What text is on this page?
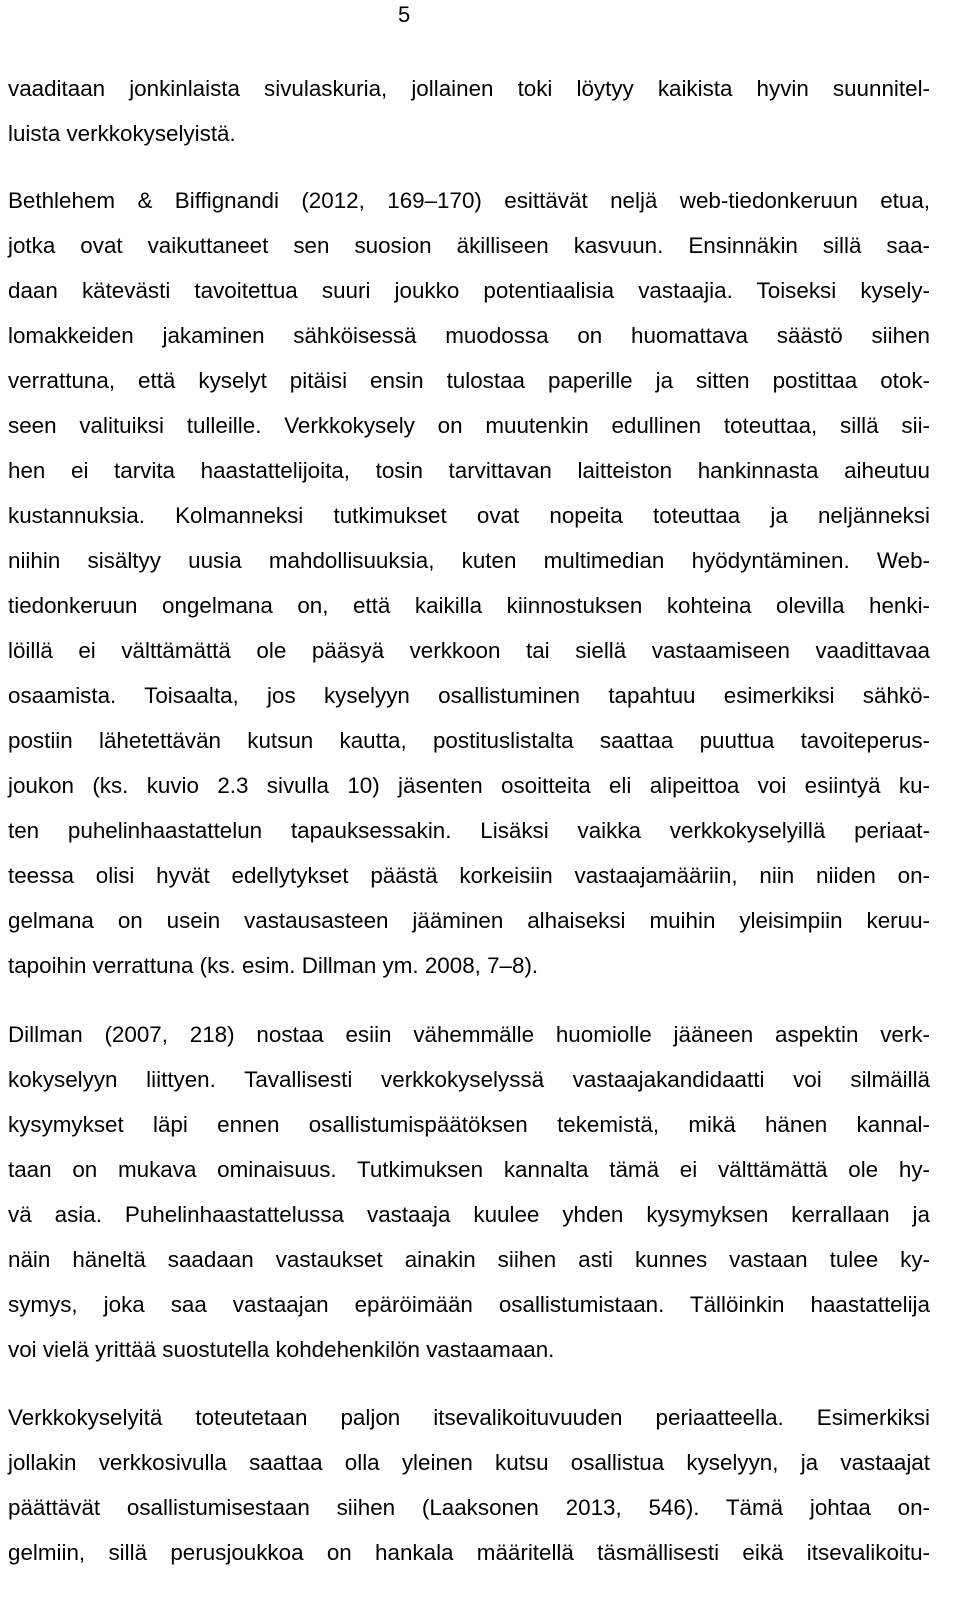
5
vaaditaan jonkinlaista sivulaskuria, jollainen toki löytyy kaikista hyvin suunnitel-
luista verkkokyselyistä.
Bethlehem & Biffignandi (2012, 169–170) esittävät neljä web-tiedonkeruun etua,
jotka ovat vaikuttaneet sen suosion äkilliseen kasvuun. Ensinnäkin sillä saa-
daan kätevästi tavoitettua suuri joukko potentiaalisia vastaajia. Toiseksi kysely-
lomakkeiden jakaminen sähköisessä muodossa on huomattava säästö siihen
verrattuna, että kyselyt pitäisi ensin tulostaa paperille ja sitten postittaa otok-
seen valituiksi tulleille. Verkkokysely on muutenkin edullinen toteuttaa, sillä sii-
hen ei tarvita haastattelijoita, tosin tarvittavan laitteiston hankinnasta aiheutuu
kustannuksia. Kolmanneksi tutkimukset ovat nopeita toteuttaa ja neljänneksi
niihin sisältyy uusia mahdollisuuksia, kuten multimedian hyödyntäminen. Web-
tiedonkeruun ongelmana on, että kaikilla kiinnostuksen kohteina olevilla henki-
löillä ei välttämättä ole pääsyä verkkoon tai siellä vastaamiseen vaadittavaa
osaamista. Toisaalta, jos kyselyyn osallistuminen tapahtuu esimerkiksi sähkö-
postiin lähetettävän kutsun kautta, postituslistalta saattaa puuttua tavoiteperus-
joukon (ks. kuvio 2.3 sivulla 10) jäsenten osoitteita eli alipeittoa voi esiintyä ku-
ten puhelinhaastattelun tapauksessakin. Lisäksi vaikka verkkokyselyillä periaat-
teessa olisi hyvät edellytykset päästä korkeisiin vastaajamääriin, niin niiden on-
gelmana on usein vastausasteen jääminen alhaiseksi muihin yleisimpiin keruu-
tapoihin verrattuna (ks. esim. Dillman ym. 2008, 7–8).
Dillman (2007, 218) nostaa esiin vähemmälle huomiolle jääneen aspektin verk-
kokyselyyn liittyen. Tavallisesti verkkokyselyssä vastaajakandidaatti voi silmäillä
kysymykset läpi ennen osallistumispäätöksen tekemistä, mikä hänen kannal-
taan on mukava ominaisuus. Tutkimuksen kannalta tämä ei välttämättä ole hy-
vä asia. Puhelinhaastattelussa vastaaja kuulee yhden kysymyksen kerrallaan ja
näin häneltä saadaan vastaukset ainakin siihen asti kunnes vastaan tulee ky-
symys, joka saa vastaajan epäröimään osallistumistaan. Tällöinkin haastattelija
voi vielä yrittää suostutella kohdehenkilön vastaamaan.
Verkkokyselyitä toteutetaan paljon itsevalikoituvuuden periaatteella. Esimerkiksi
jollakin verkkosivulla saattaa olla yleinen kutsu osallistua kyselyyn, ja vastaajat
päättävät osallistumisestaan siihen (Laaksonen 2013, 546). Tämä johtaa on-
gelmiin, sillä perusjoukkoa on hankala määritellä täsmällisesti eikä itsevalikoitu-
